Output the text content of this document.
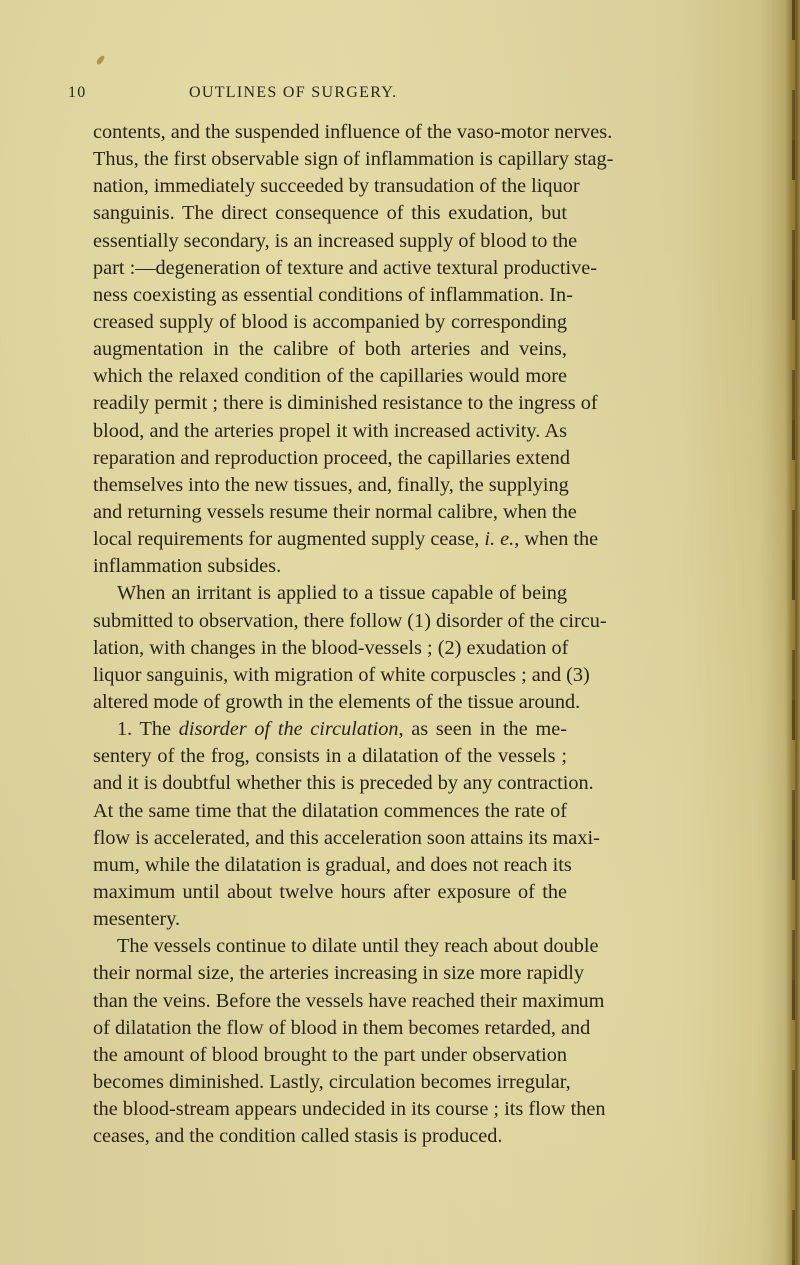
10	OUTLINES OF SURGERY.
contents, and the suspended influence of the vaso-motor nerves.
Thus, the first observable sign of inflammation is capillary stag-
nation, immediately succeeded by transudation of the liquor
sanguinis. The direct consequence of this exudation, but
essentially secondary, is an increased supply of blood to the
part :—degeneration of texture and active textural productive-
ness coexisting as essential conditions of inflammation. In-
creased supply of blood is accompanied by corresponding
augmentation in the calibre of both arteries and veins,
which the relaxed condition of the capillaries would more
readily permit ; there is diminished resistance to the ingress of
blood, and the arteries propel it with increased activity. As
reparation and reproduction proceed, the capillaries extend
themselves into the new tissues, and, finally, the supplying
and returning vessels resume their normal calibre, when the
local requirements for augmented supply cease, i. e., when the
inflammation subsides.
When an irritant is applied to a tissue capable of being
submitted to observation, there follow (1) disorder of the circu-
lation, with changes in the blood-vessels ; (2) exudation of
liquor sanguinis, with migration of white corpuscles ; and (3)
altered mode of growth in the elements of the tissue around.
1. The disorder of the circulation, as seen in the me-
sentery of the frog, consists in a dilatation of the vessels ;
and it is doubtful whether this is preceded by any contraction.
At the same time that the dilatation commences the rate of
flow is accelerated, and this acceleration soon attains its maxi-
mum, while the dilatation is gradual, and does not reach its
maximum until about twelve hours after exposure of the
mesentery.
The vessels continue to dilate until they reach about double
their normal size, the arteries increasing in size more rapidly
than the veins. Before the vessels have reached their maximum
of dilatation the flow of blood in them becomes retarded, and
the amount of blood brought to the part under observation
becomes diminished. Lastly, circulation becomes irregular,
the blood-stream appears undecided in its course ; its flow then
ceases, and the condition called stasis is produced.
